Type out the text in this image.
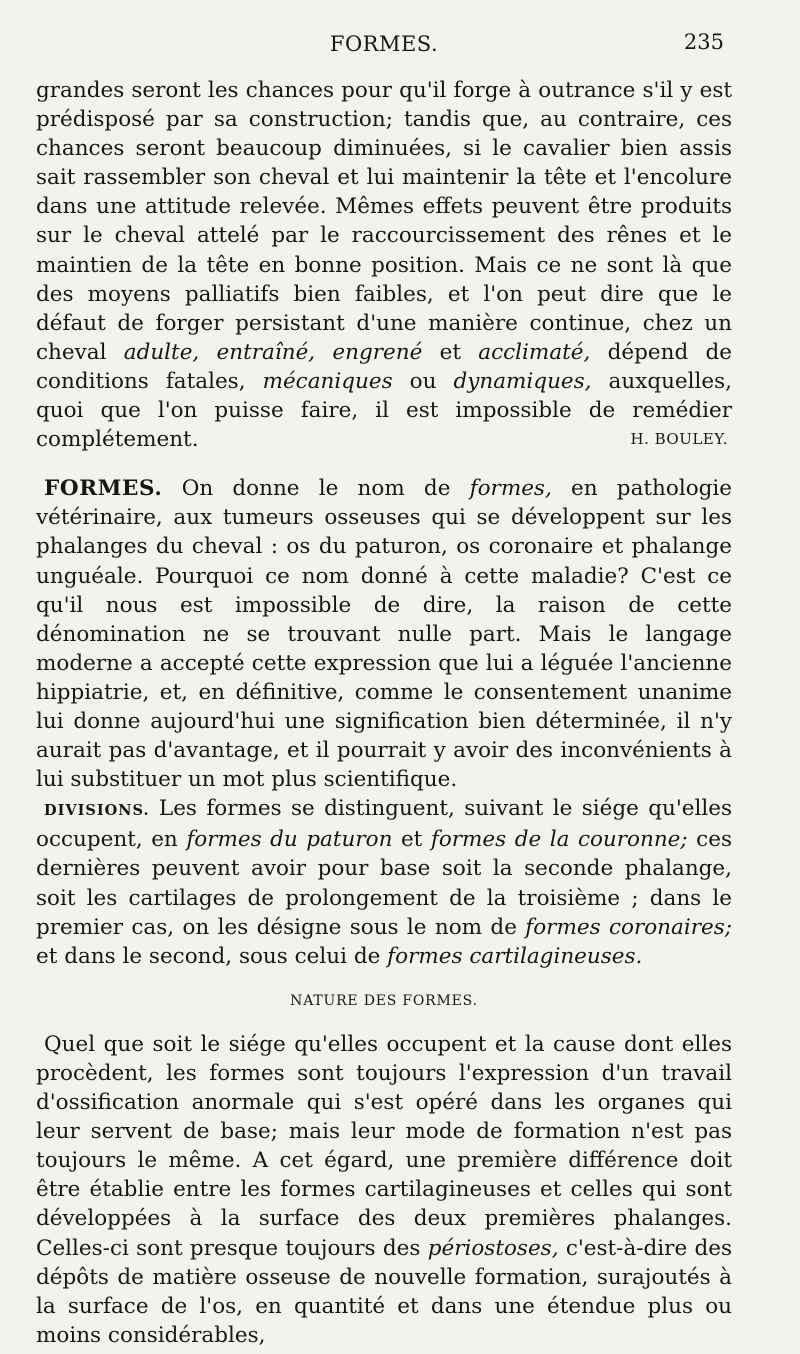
FORMES.	235

grandes seront les chances pour qu'il forge à outrance s'il y est prédisposé par sa construction; tandis que, au contraire, ces chances seront beaucoup diminuées, si le cavalier bien assis sait rassembler son cheval et lui maintenir la tête et l'encolure dans une attitude relevée. Mêmes effets peuvent être produits sur le cheval attelé par le raccourcissement des rênes et le maintien de la tête en bonne position. Mais ce ne sont là que des moyens palliatifs bien faibles, et l'on peut dire que le défaut de forger persistant d'une manière continue, chez un cheval adulte, entraîné, engrené et acclimaté, dépend de conditions fatales, mécaniques ou dynamiques, auxquelles, quoi que l'on puisse faire, il est impossible de remédier complétement.	H. BOULEY.

FORMES. On donne le nom de formes, en pathologie vétérinaire, aux tumeurs osseuses qui se développent sur les phalanges du cheval : os du paturon, os coronaire et phalange unguéale. Pourquoi ce nom donné à cette maladie? C'est ce qu'il nous est impossible de dire, la raison de cette dénomination ne se trouvant nulle part. Mais le langage moderne a accepté cette expression que lui a léguée l'ancienne hippiatrie, et, en définitive, comme le consentement unanime lui donne aujourd'hui une signification bien déterminée, il n'y aurait pas d'avantage, et il pourrait y avoir des inconvénients à lui substituer un mot plus scientifique.

DIVISIONS. Les formes se distinguent, suivant le siége qu'elles occupent, en formes du paturon et formes de la couronne; ces dernières peuvent avoir pour base soit la seconde phalange, soit les cartilages de prolongement de la troisième ; dans le premier cas, on les désigne sous le nom de formes coronaires; et dans le second, sous celui de formes cartilagineuses.

NATURE DES FORMES.

Quel que soit le siége qu'elles occupent et la cause dont elles procèdent, les formes sont toujours l'expression d'un travail d'ossification anormale qui s'est opéré dans les organes qui leur servent de base; mais leur mode de formation n'est pas toujours le même. A cet égard, une première différence doit être établie entre les formes cartilagineuses et celles qui sont développées à la surface des deux premières phalanges. Celles-ci sont presque toujours des périostoses, c'est-à-dire des dépôts de matière osseuse de nouvelle formation, surajoutés à la surface de l'os, en quantité et dans une étendue plus ou moins considérables,
